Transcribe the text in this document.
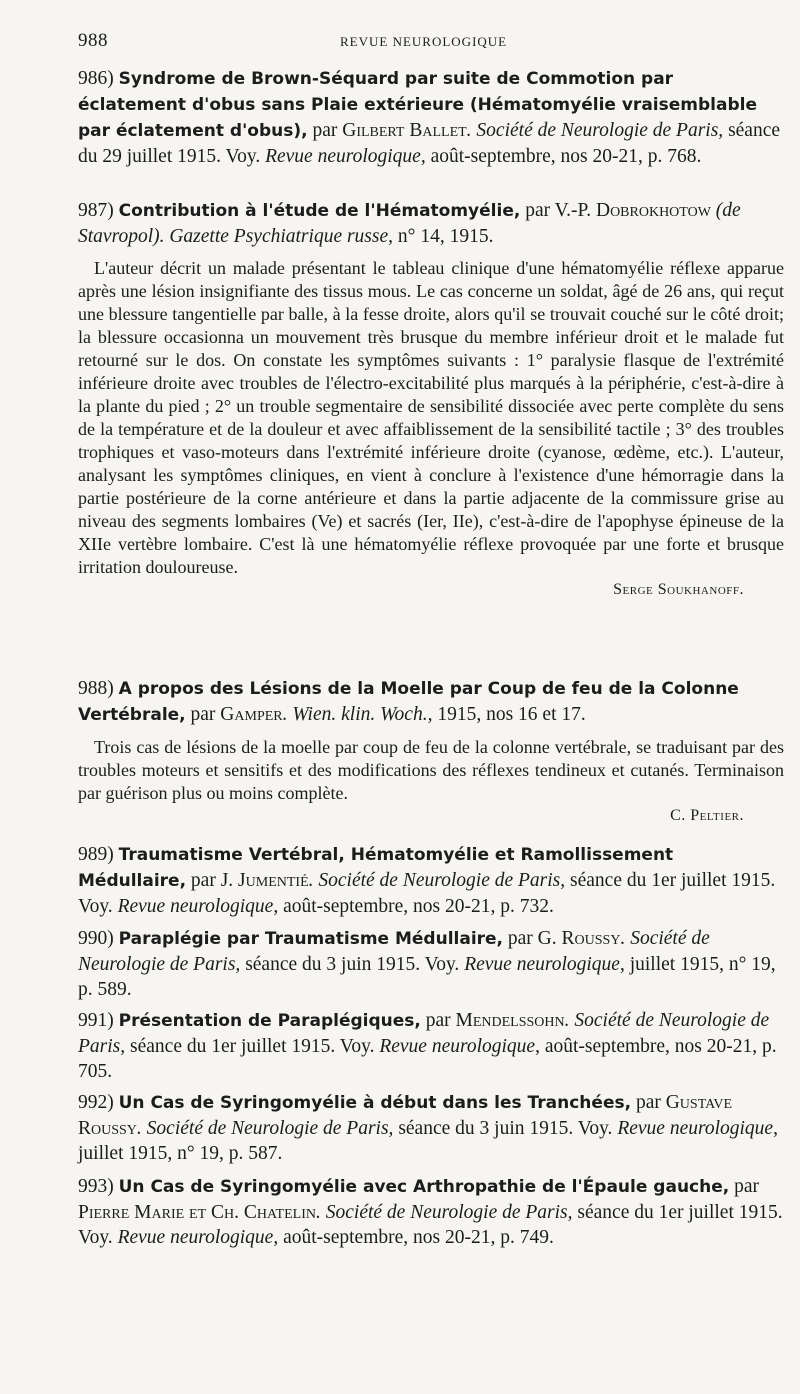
988	REVUE NEUROLOGIQUE

986) Syndrome de Brown-Séquard par suite de Commotion par éclatement d'obus sans Plaie extérieure (Hématomyélie vraisemblable par éclatement d'obus), par Gilbert Ballet. Société de Neurologie de Paris, séance du 29 juillet 1915. Voy. Revue neurologique, août-septembre, nos 20-21, p. 768.

987) Contribution à l'étude de l'Hématomyélie, par V.-P. Dobrokhotow (de Stavropol). Gazette Psychiatrique russe, n° 14, 1915.

L'auteur décrit un malade présentant le tableau clinique d'une hématomyélie réflexe apparue après une lésion insignifiante des tissus mous. Le cas concerne un soldat, âgé de 26 ans, qui reçut une blessure tangentielle par balle, à la fesse droite, alors qu'il se trouvait couché sur le côté droit; la blessure occasionna un mouvement très brusque du membre inférieur droit et le malade fut retourné sur le dos. On constate les symptômes suivants : 1° paralysie flasque de l'extrémité inférieure droite avec troubles de l'électro-excitabilité plus marqués à la périphérie, c'est-à-dire à la plante du pied ; 2° un trouble segmentaire de sensibilité dissociée avec perte complète du sens de la température et de la douleur et avec affaiblissement de la sensibilité tactile ; 3° des troubles trophiques et vaso-moteurs dans l'extrémité inférieure droite (cyanose, œdème, etc.). L'auteur, analysant les symptômes cliniques, en vient à conclure à l'existence d'une hémorragie dans la partie postérieure de la corne antérieure et dans la partie adjacente de la commissure grise au niveau des segments lombaires (Ve) et sacrés (Ier, IIe), c'est-à-dire de l'apophyse épineuse de la XIIe vertèbre lombaire. C'est là une hématomyélie réflexe provoquée par une forte et brusque irritation douloureuse.

Serge Soukhanoff.

988) A propos des Lésions de la Moelle par Coup de feu de la Colonne Vertébrale, par Gamper. Wien. klin. Woch., 1915, nos 16 et 17.

Trois cas de lésions de la moelle par coup de feu de la colonne vertébrale, se traduisant par des troubles moteurs et sensitifs et des modifications des réflexes tendineux et cutanés. Terminaison par guérison plus ou moins complète.

C. Peltier.

989) Traumatisme Vertébral, Hématomyélie et Ramollissement Médullaire, par J. Jumentié. Société de Neurologie de Paris, séance du 1er juillet 1915. Voy. Revue neurologique, août-septembre, nos 20-21, p. 732.

990) Paraplégie par Traumatisme Médullaire, par G. Roussy. Société de Neurologie de Paris, séance du 3 juin 1915. Voy. Revue neurologique, juillet 1915, n° 19, p. 589.

991) Présentation de Paraplégiques, par Mendelssohn. Société de Neurologie de Paris, séance du 1er juillet 1915. Voy. Revue neurologique, août-septembre, nos 20-21, p. 705.

992) Un Cas de Syringomyélie à début dans les Tranchées, par Gustave Roussy. Société de Neurologie de Paris, séance du 3 juin 1915. Voy. Revue neurologique, juillet 1915, n° 19, p. 587.

993) Un Cas de Syringomyélie avec Arthropathie de l'Épaule gauche, par Pierre Marie et Ch. Chatelin. Société de Neurologie de Paris, séance du 1er juillet 1915. Voy. Revue neurologique, août-septembre, nos 20-21, p. 749.
